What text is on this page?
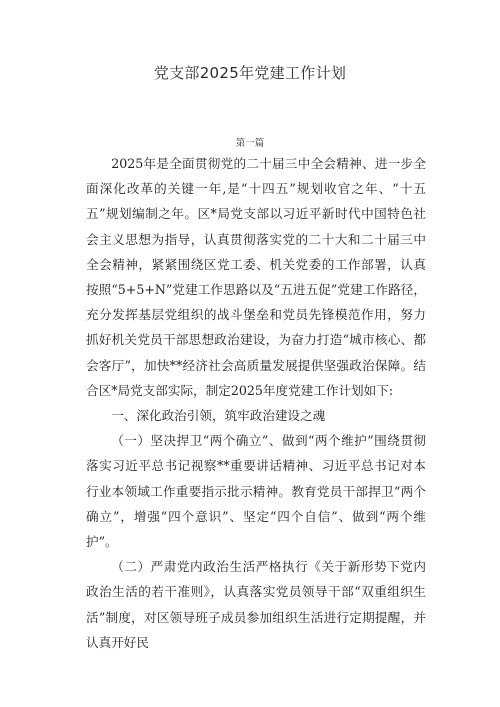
党支部2025年党建工作计划
第一篇

2025年是全面贯彻党的二十届三中全会精神、进一步全面深化改革的关键一年,是“十四五”规划收官之年、“十五五”规划编制之年。区*局党支部以习近平新时代中国特色社会主义思想为指导，认真贯彻落实党的二十大和二十届三中全会精神，紧紧围绕区党工委、机关党委的工作部署，认真按照“5+5+N”党建工作思路以及“五进五促”党建工作路径，充分发挥基层党组织的战斗堡垒和党员先锋模范作用，努力抓好机关党员干部思想政治建设，为奋力打造“城市核心、都会客厅”，加快**经济社会高质量发展提供坚强政治保障。结合区*局党支部实际，制定2025年度党建工作计划如下:

一、深化政治引领，筑牢政治建设之魂

（一）坚决捍卫“两个确立”、做到“两个维护”围绕贯彻落实习近平总书记视察**重要讲话精神、习近平总书记对本行业本领域工作重要指示批示精神。教育党员干部捍卫“两个确立”，增强“四个意识”、坚定“四个自信”、做到“两个维护”。

（二）严肃党内政治生活严格执行《关于新形势下党内政治生活的若干准则》，认真落实党员领导干部“双重组织生活”制度，对区领导班子成员参加组织生活进行定期提醒，并认真开好民
